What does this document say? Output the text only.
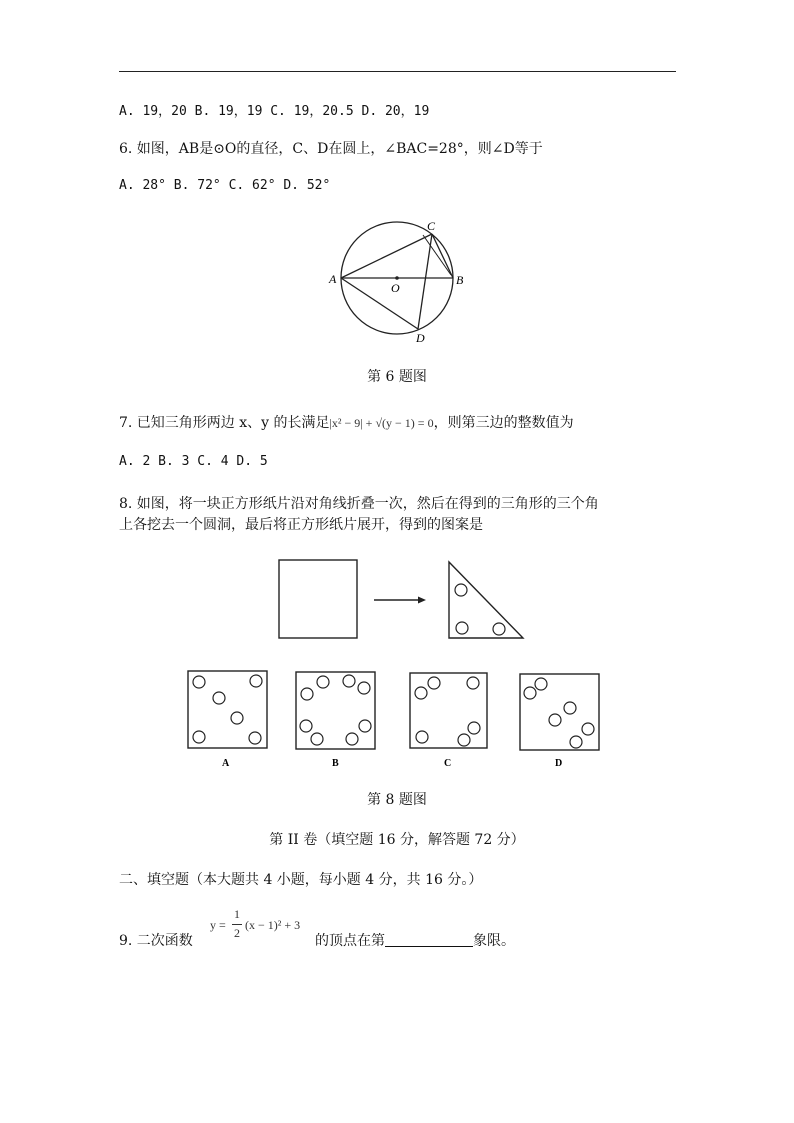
A. 19，20 B. 19，19 C. 19，20.5 D. 20，19
6. 如图，AB是⊙O的直径，C、D在圆上，∠BAC=28°，则∠D等于
A. 28° B. 72° C. 62° D. 52°
A	B
C
D
O
第 6 题图
7. 已知三角形两边 x、y 的长满足|x² − 9| + √(y − 1) = 0，则第三边的整数值为
A. 2 B. 3 C. 4 D. 5
8. 如图，将一块正方形纸片沿对角线折叠一次，然后在得到的三角形的三个角
上各挖去一个圆洞，最后将正方形纸片展开，得到的图案是
A	B	C	D
第 8 题图
第 II 卷（填空题 16 分，解答题 72 分）
二、填空题（本大题共 4 小题，每小题 4 分，共 16 分。）
9. 二次函数
y =
1
2
(x − 1)² + 3
的顶点在第	象限。
